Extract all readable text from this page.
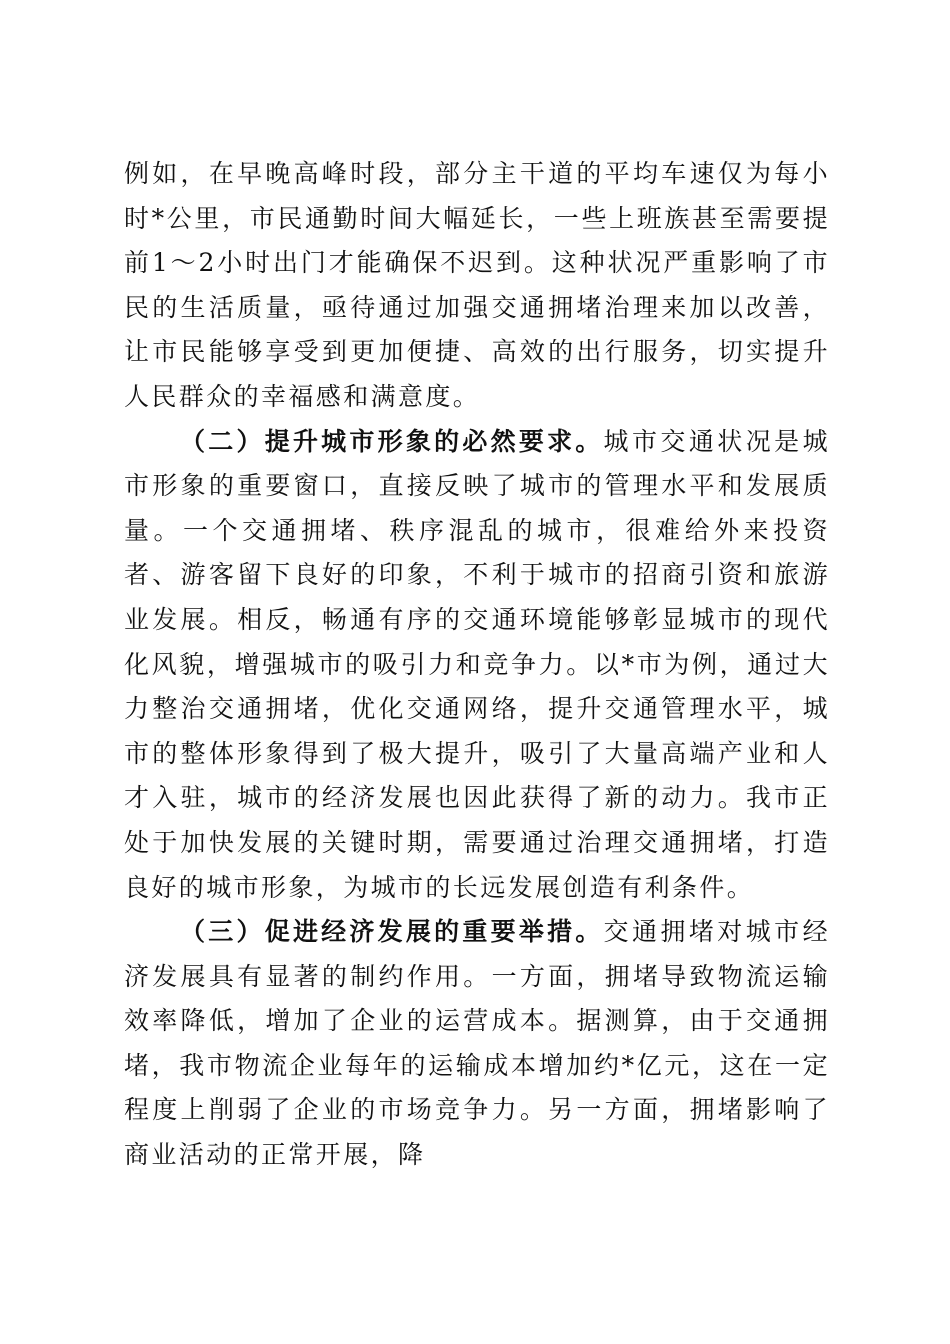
例如，在早晚高峰时段，部分主干道的平均车速仅为每小时*公里，市民通勤时间大幅延长，一些上班族甚至需要提前1～2小时出门才能确保不迟到。这种状况严重影响了市民的生活质量，亟待通过加强交通拥堵治理来加以改善，让市民能够享受到更加便捷、高效的出行服务，切实提升人民群众的幸福感和满意度。

（二）提升城市形象的必然要求。城市交通状况是城市形象的重要窗口，直接反映了城市的管理水平和发展质量。一个交通拥堵、秩序混乱的城市，很难给外来投资者、游客留下良好的印象，不利于城市的招商引资和旅游业发展。相反，畅通有序的交通环境能够彰显城市的现代化风貌，增强城市的吸引力和竞争力。以*市为例，通过大力整治交通拥堵，优化交通网络，提升交通管理水平，城市的整体形象得到了极大提升，吸引了大量高端产业和人才入驻，城市的经济发展也因此获得了新的动力。我市正处于加快发展的关键时期，需要通过治理交通拥堵，打造良好的城市形象，为城市的长远发展创造有利条件。

（三）促进经济发展的重要举措。交通拥堵对城市经济发展具有显著的制约作用。一方面，拥堵导致物流运输效率降低，增加了企业的运营成本。据测算，由于交通拥堵，我市物流企业每年的运输成本增加约*亿元，这在一定程度上削弱了企业的市场竞争力。另一方面，拥堵影响了商业活动的正常开展，降
